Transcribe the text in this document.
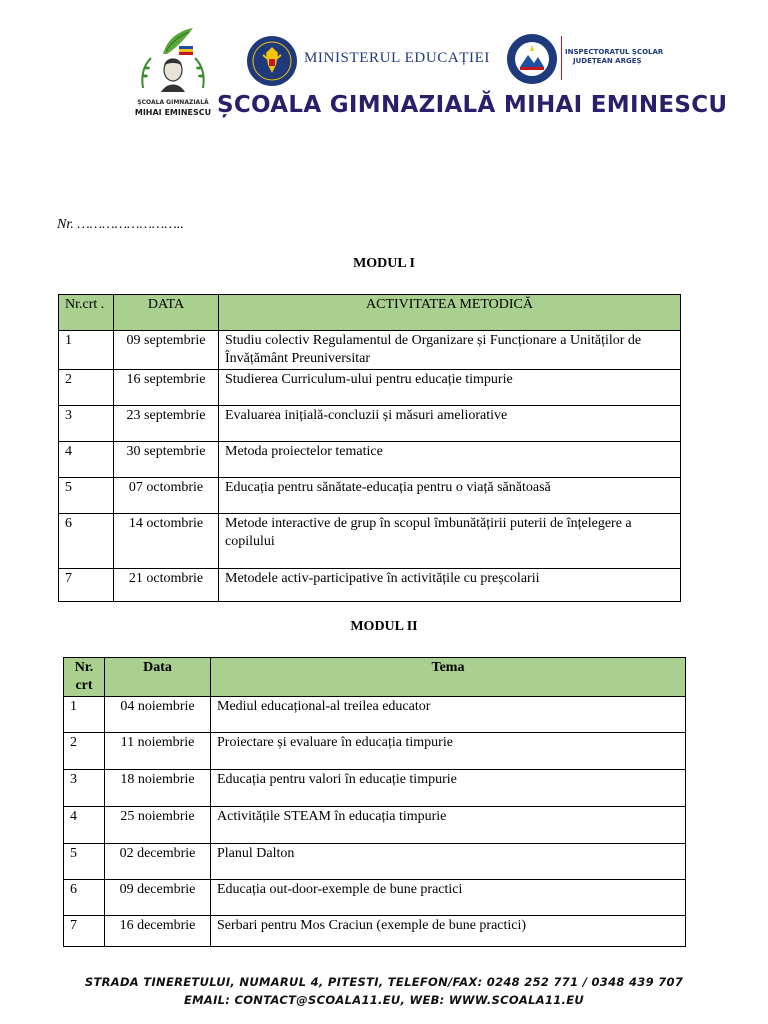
ȘCOALA GIMNAZIALĂ
MIHAI EMINESCU
MINISTERUL EDUCAȚIEI	INSPECTORATUL ȘCOLAR
JUDEȚEAN ARGEȘ
ȘCOALA GIMNAZIALĂ MIHAI EMINESCU
Nr. ……………………..
MODUL I
Nr.crt .	DATA	ACTIVITATEA METODICĂ
1	09 septembrie	Studiu colectiv Regulamentul de Organizare și Funcționare a Unităților de Învățământ Preuniversitar
2	16 septembrie	Studierea Curriculum-ului pentru educație timpurie
3	23 septembrie	Evaluarea inițială-concluzii și măsuri ameliorative
4	30 septembrie	Metoda proiectelor tematice
5	07 octombrie	Educația pentru sănătate-educația pentru o viață sănătoasă
6	14 octombrie	Metode interactive de grup în scopul îmbunătățirii puterii de înțelegere a copilului
7	21 octombrie	Metodele activ-participative în activitățile cu preșcolarii
MODUL II
Nr. crt	Data	Tema
1	04 noiembrie	Mediul educațional-al treilea educator
2	11 noiembrie	Proiectare și evaluare în educația timpurie
3	18 noiembrie	Educația pentru valori în educație timpurie
4	25 noiembrie	Activitățile STEAM în educația timpurie
5	02 decembrie	Planul Dalton
6	09 decembrie	Educația out-door-exemple de bune practici
7	16 decembrie	Serbari pentru Mos Craciun (exemple de bune practici)
STRADA TINERETULUI, NUMARUL 4, PITESTI, TELEFON/FAX: 0248 252 771 / 0348 439 707
EMAIL: CONTACT@SCOALA11.EU, WEB: WWW.SCOALA11.EU
